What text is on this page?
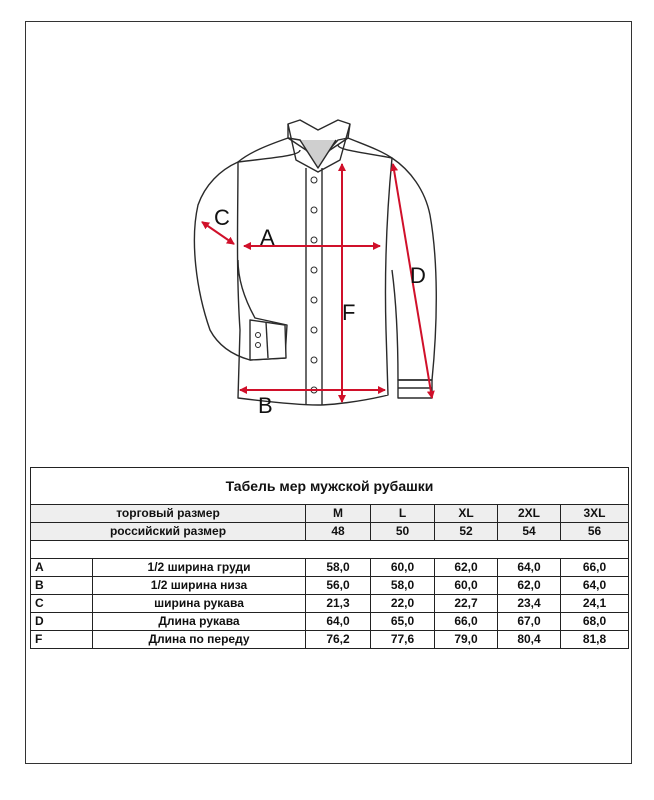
A
B
C
D
F
Табель мер мужской рубашки						
торговый размер		M	L	XL	2XL	3XL
российский размер		48	50	52	54	56

A	1/2 ширина груди	58,0	60,0	62,0	64,0	66,0
B	1/2 ширина низа	56,0	58,0	60,0	62,0	64,0
C	ширина рукава	21,3	22,0	22,7	23,4	24,1
D	Длина рукава	64,0	65,0	66,0	67,0	68,0
F	Длина по переду	76,2	77,6	79,0	80,4	81,8
